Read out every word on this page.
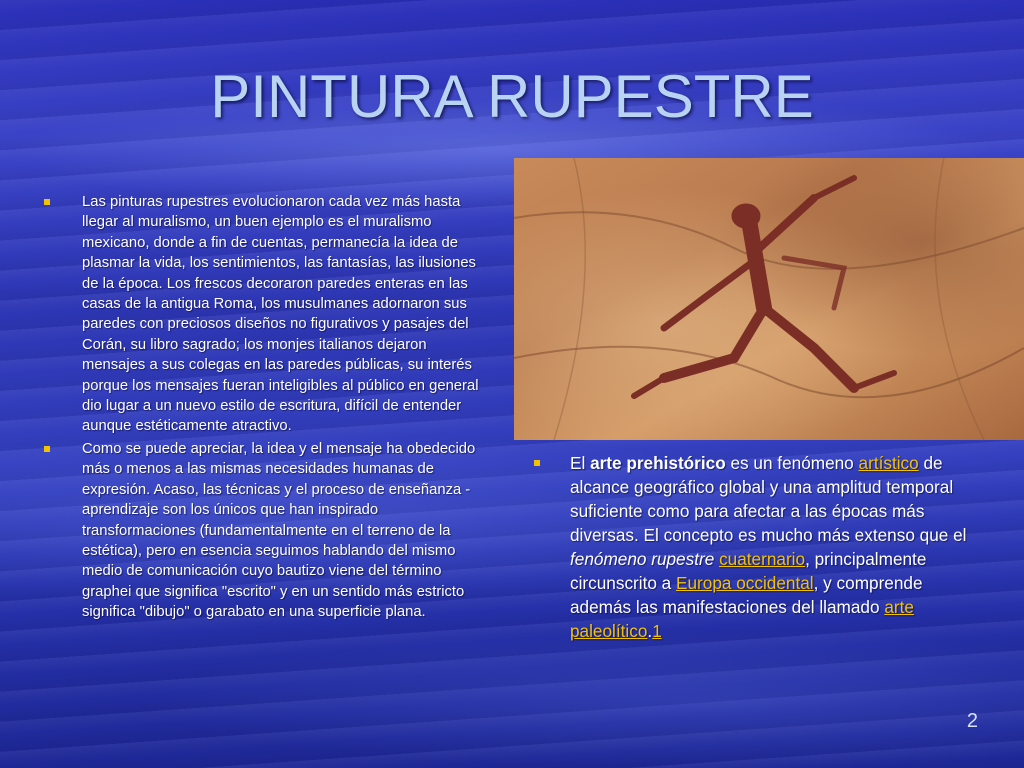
PINTURA RUPESTRE
Las pinturas rupestres evolucionaron cada vez más hasta llegar al muralismo, un buen ejemplo es el muralismo mexicano, donde a fin de cuentas, permanecía la idea de plasmar la vida, los sentimientos, las fantasías, las ilusiones de la época. Los frescos decoraron paredes enteras en las casas de la antigua Roma, los musulmanes adornaron sus paredes con preciosos diseños no figurativos y pasajes del Corán, su libro sagrado; los monjes italianos dejaron mensajes a sus colegas en las paredes públicas, su interés porque los mensajes fueran inteligibles al público en general dio lugar a un nuevo estilo de escritura, difícil de entender aunque estéticamente atractivo.
Como se puede apreciar, la idea y el mensaje ha obedecido más o menos a las mismas necesidades humanas de expresión. Acaso, las técnicas y el proceso de enseñanza - aprendizaje son los únicos que han inspirado transformaciones (fundamentalmente en el terreno de la estética), pero en esencia seguimos hablando del mismo medio de comunicación cuyo bautizo viene del término graphei que significa "escrito" y en un sentido más estricto significa "dibujo" o garabato en una superficie plana.
El arte prehistórico es un fenómeno artístico de alcance geográfico global y una amplitud temporal suficiente como para afectar a las épocas más diversas. El concepto es mucho más extenso que el fenómeno rupestre cuaternario, principalmente circunscrito a Europa occidental, y comprende además las manifestaciones del llamado arte paleolítico.1
2
